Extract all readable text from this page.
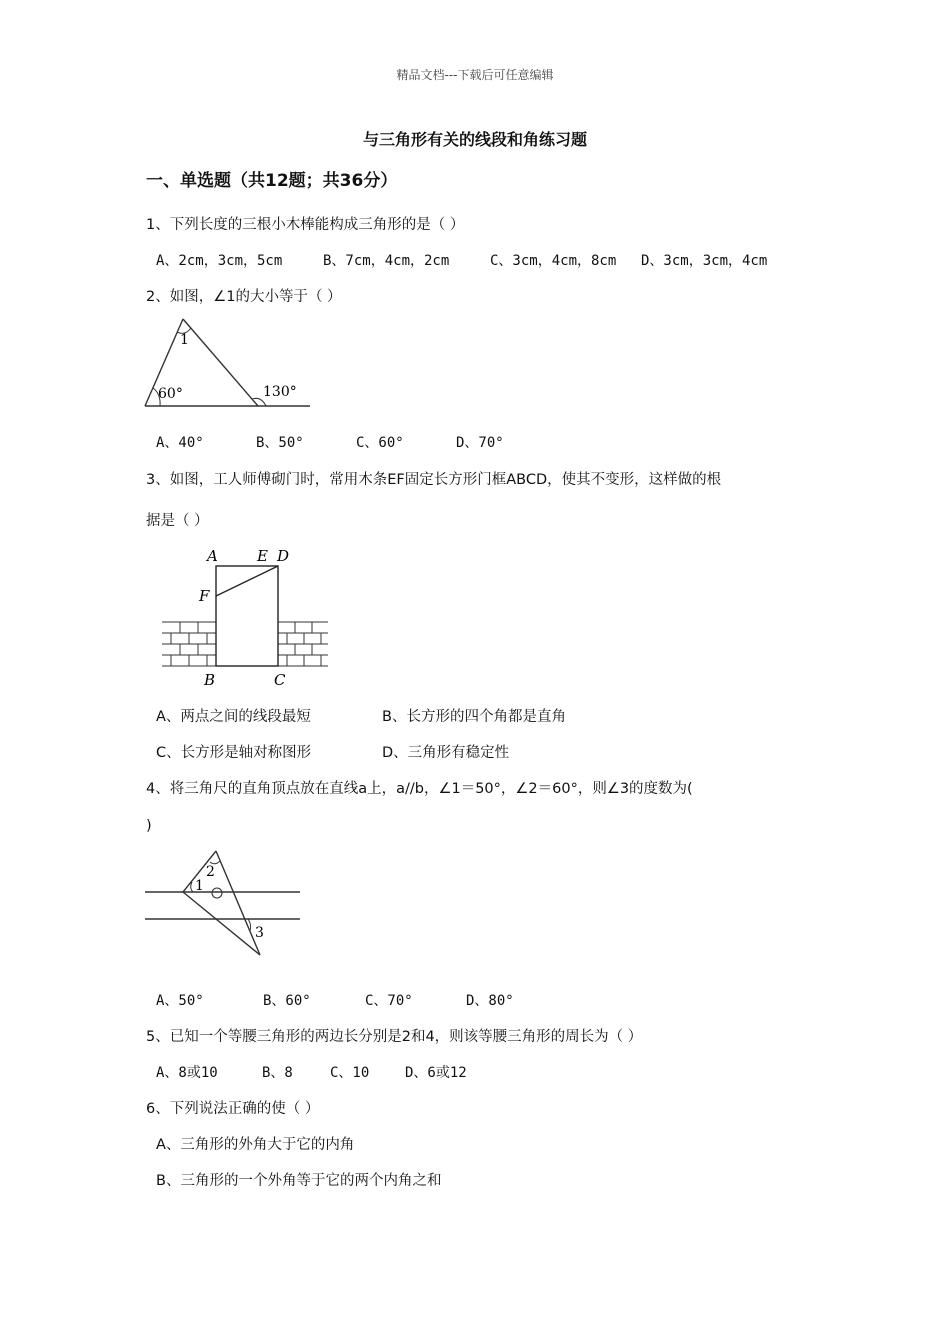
精品文档---下载后可任意编辑
与三角形有关的线段和角练习题
一、单选题（共12题；共36分）
1、下列长度的三根小木棒能构成三角形的是（ ）
A、2cm，3cm，5cm	B、7cm，4cm，2cm	C、3cm，4cm，8cm D、3cm，3cm，4cm
2、如图，∠1的大小等于（ ）
1
60°	130°
A、40°	B、50°	C、60°	D、70°
3、如图，工人师傅砌门时，常用木条EF固定长方形门框ABCD，使其不变形，这样做的根
据是（ ）
A	E D
F
B	C
A、两点之间的线段最短	B、长方形的四个角都是直角
C、长方形是轴对称图形	D、三角形有稳定性
4、将三角尺的直角顶点放在直线a上，a//b，∠1＝50°，∠2＝60°，则∠3的度数为(
)
1
2
3
A、50°	B、60°	C、70°	D、80°
5、已知一个等腰三角形的两边长分别是2和4，则该等腰三角形的周长为（ ）
A、8或10	B、8	C、10	D、6或12
6、下列说法正确的使（ ）
A、三角形的外角大于它的内角
B、三角形的一个外角等于它的两个内角之和
